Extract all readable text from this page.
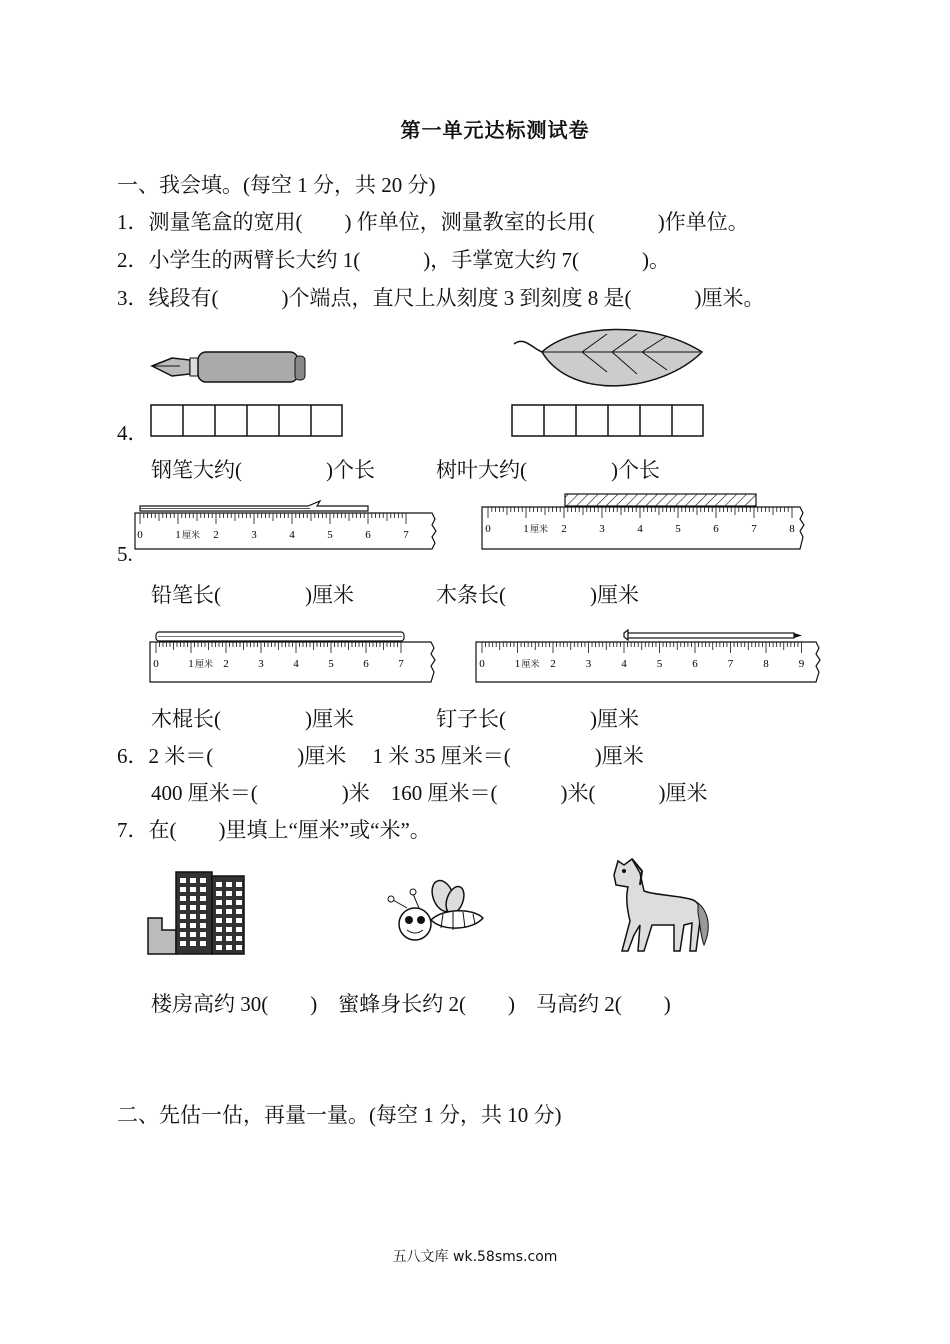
第一单元达标测试卷
一、我会填。(每空 1 分，共 20 分)
1．测量笔盒的宽用(　　) 作单位，测量教室的长用(　　　)作单位。
2．小学生的两臂长大约 1(　　　)，手掌宽大约 7(　　　)。
3．线段有(　　　)个端点，直尺上从刻度 3 到刻度 8 是(　　　)厘米。
4．
钢笔大约(　　　　)个长	树叶大约(　　　　)个长
0	1 厘米 2	3	4	5	6	7	0	1 厘米 2	3	4	5	6	7	8
5.
铅笔长(　　　　)厘米	木条长(　　　　)厘米
0	1 厘米 2	3	4	5	6	7	0	1 厘米 2	3	4	5	6	7	8	9
木棍长(　　　　)厘米	钉子长(　　　　)厘米
6．2 米＝(　　　　)厘米　 1 米 35 厘米＝(　　　　)厘米
400 厘米＝(　　　　)米　160 厘米＝(　　　)米(　　　)厘米
7．在(　　)里填上“厘米”或“米”。
楼房高约 30(　　)　蜜蜂身长约 2(　　)　马高约 2(　　)
二、先估一估，再量一量。(每空 1 分，共 10 分)
五八文库 wk.58sms.com
